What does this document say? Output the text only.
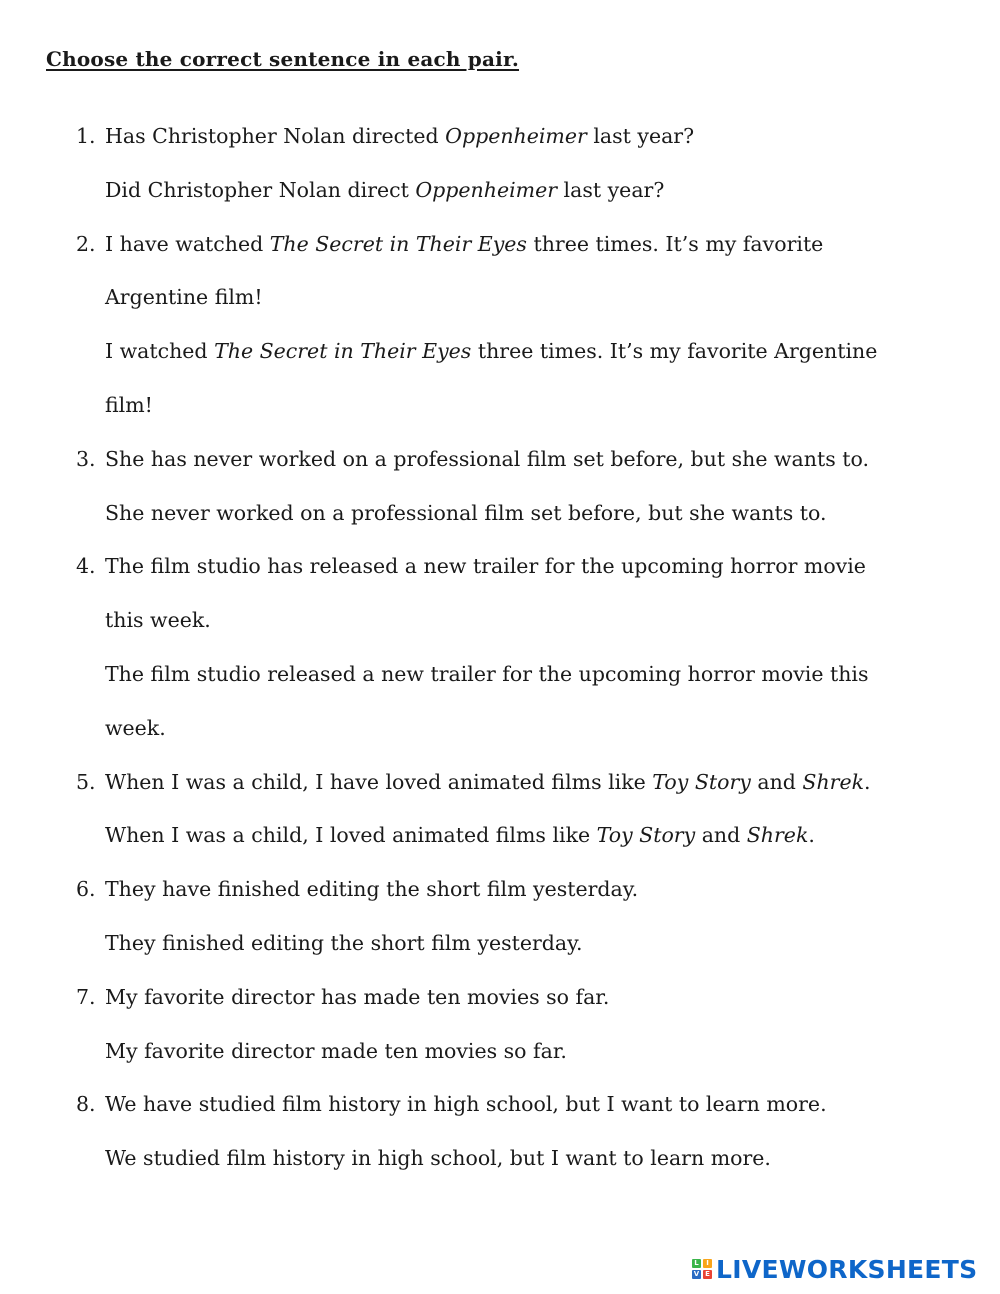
Choose the correct sentence in each pair.
1. Has Christopher Nolan directed Oppenheimer last year?
Did Christopher Nolan direct Oppenheimer last year?
2. I have watched The Secret in Their Eyes three times. It’s my favorite
Argentine film!
I watched The Secret in Their Eyes three times. It’s my favorite Argentine
film!
3. She has never worked on a professional film set before, but she wants to.
She never worked on a professional film set before, but she wants to.
4. The film studio has released a new trailer for the upcoming horror movie
this week.
The film studio released a new trailer for the upcoming horror movie this
week.
5. When I was a child, I have loved animated films like Toy Story and Shrek.
When I was a child, I loved animated films like Toy Story and Shrek.
6. They have finished editing the short film yesterday.
They finished editing the short film yesterday.
7. My favorite director has made ten movies so far.
My favorite director made ten movies so far.
8. We have studied film history in high school, but I want to learn more.
We studied film history in high school, but I want to learn more.
L	I
V E LIVEWORKSHEETS
